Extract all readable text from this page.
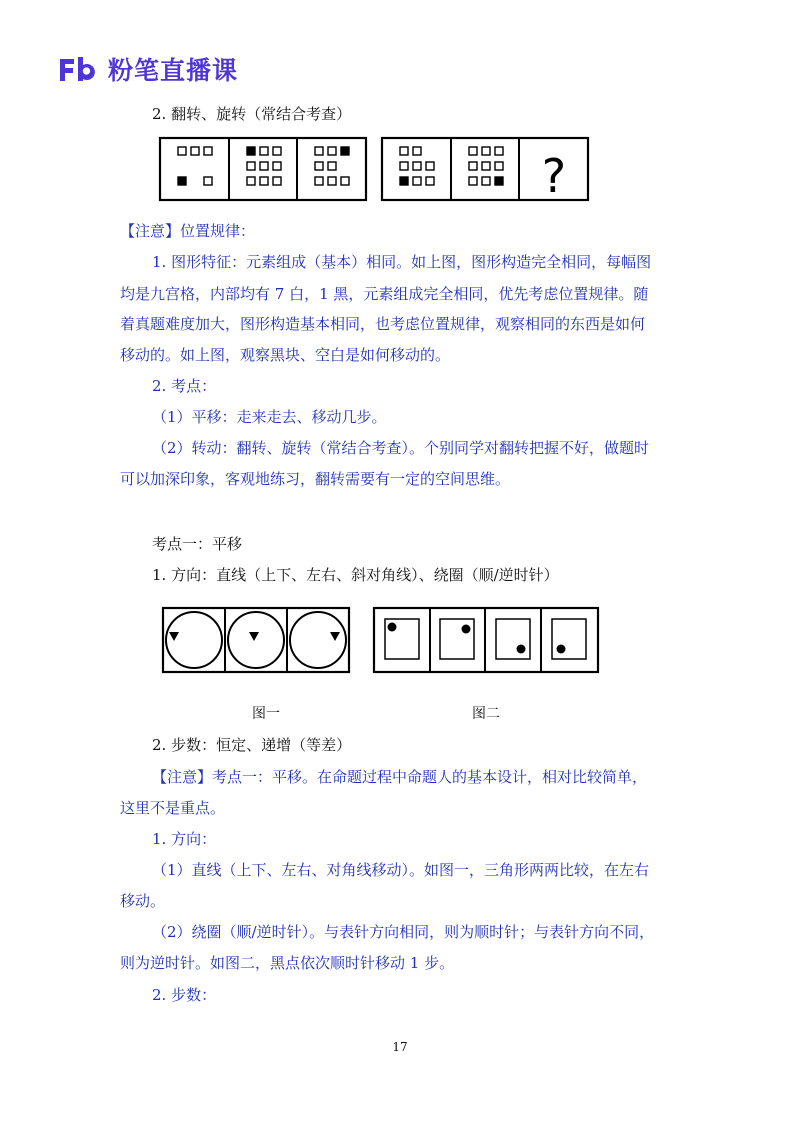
粉笔直播课
2. 翻转、旋转（常结合考查）
?
【注意】位置规律：
1. 图形特征：元素组成（基本）相同。如上图，图形构造完全相同，每幅图
均是九宫格，内部均有 7 白，1 黑，元素组成完全相同，优先考虑位置规律。随
着真题难度加大，图形构造基本相同，也考虑位置规律，观察相同的东西是如何
移动的。如上图，观察黑块、空白是如何移动的。
2. 考点：
（1）平移：走来走去、移动几步。
（2）转动：翻转、旋转（常结合考查）。个别同学对翻转把握不好，做题时
可以加深印象，客观地练习，翻转需要有一定的空间思维。
考点一：平移
1. 方向：直线（上下、左右、斜对角线）、绕圈（顺/逆时针）
图一	图二
2. 步数：恒定、递增（等差）
【注意】考点一：平移。在命题过程中命题人的基本设计，相对比较简单，
这里不是重点。
1. 方向：
（1）直线（上下、左右、对角线移动）。如图一，三角形两两比较，在左右
移动。
（2）绕圈（顺/逆时针）。与表针方向相同，则为顺时针；与表针方向不同，
则为逆时针。如图二，黑点依次顺时针移动 1 步。
2. 步数：
17
